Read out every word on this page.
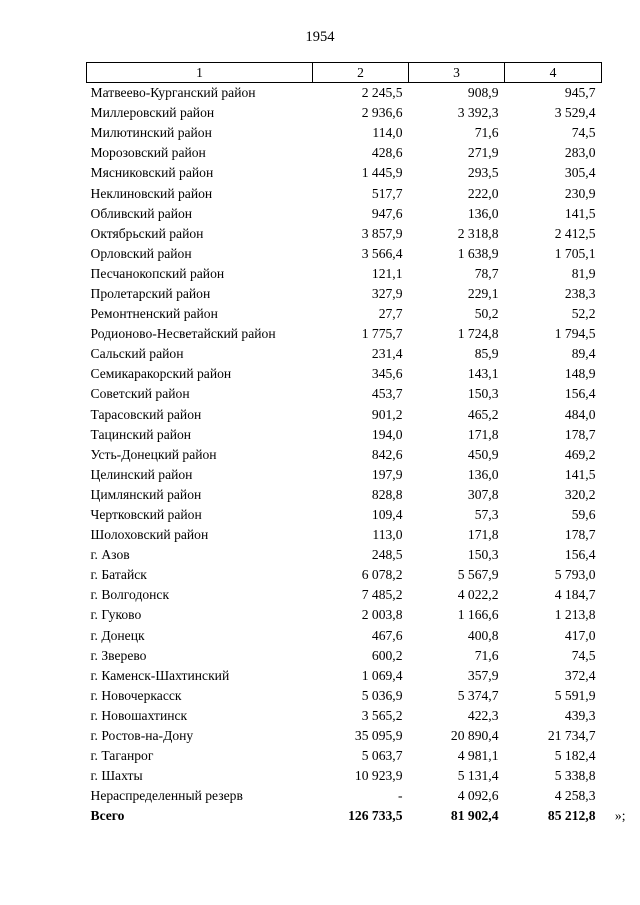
1954
1	2	3	4
Матвеево-Курганский район	2 245,5	908,9	945,7
Миллеровский район	2 936,6	3 392,3	3 529,4
Милютинский район	114,0	71,6	74,5
Морозовский район	428,6	271,9	283,0
Мясниковский район	1 445,9	293,5	305,4
Неклиновский район	517,7	222,0	230,9
Обливский район	947,6	136,0	141,5
Октябрьский район	3 857,9	2 318,8	2 412,5
Орловский район	3 566,4	1 638,9	1 705,1
Песчанокопский район	121,1	78,7	81,9
Пролетарский район	327,9	229,1	238,3
Ремонтненский район	27,7	50,2	52,2
Родионово-Несветайский район	1 775,7	1 724,8	1 794,5
Сальский район	231,4	85,9	89,4
Семикаракорский район	345,6	143,1	148,9
Советский район	453,7	150,3	156,4
Тарасовский район	901,2	465,2	484,0
Тацинский район	194,0	171,8	178,7
Усть-Донецкий район	842,6	450,9	469,2
Целинский район	197,9	136,0	141,5
Цимлянский район	828,8	307,8	320,2
Чертковский район	109,4	57,3	59,6
Шолоховский район	113,0	171,8	178,7
г. Азов	248,5	150,3	156,4
г. Батайск	6 078,2	5 567,9	5 793,0
г. Волгодонск	7 485,2	4 022,2	4 184,7
г. Гуково	2 003,8	1 166,6	1 213,8
г. Донецк	467,6	400,8	417,0
г. Зверево	600,2	71,6	74,5
г. Каменск-Шахтинский	1 069,4	357,9	372,4
г. Новочеркасск	5 036,9	5 374,7	5 591,9
г. Новошахтинск	3 565,2	422,3	439,3
г. Ростов-на-Дону	35 095,9	20 890,4	21 734,7
г. Таганрог	5 063,7	4 981,1	5 182,4
г. Шахты	10 923,9	5 131,4	5 338,8
Нераспределенный резерв	-	4 092,6	4 258,3
Всего	126 733,5	81 902,4	85 212,8 »;
